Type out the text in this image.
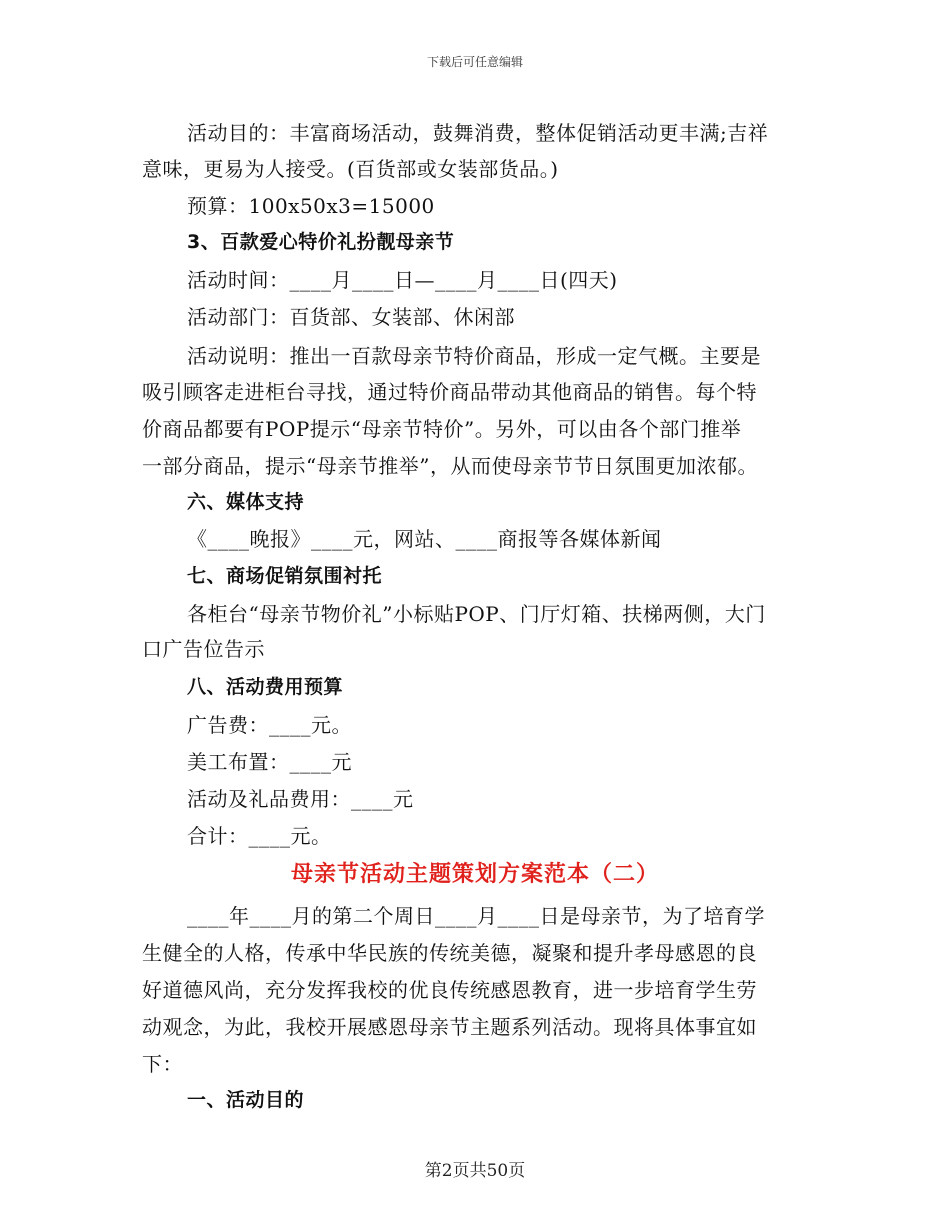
下载后可任意编辑
活动目的：丰富商场活动，鼓舞消费，整体促销活动更丰满;吉祥
意味，更易为人接受。(百货部或女装部货品。)
预算：100x50x3=15000
3、百款爱心特价礼扮靓母亲节
活动时间：____月____日—____月____日(四天)
活动部门：百货部、女装部、休闲部
活动说明：推出一百款母亲节特价商品，形成一定气概。主要是
吸引顾客走进柜台寻找，通过特价商品带动其他商品的销售。每个特
价商品都要有POP提示“母亲节特价”。另外，可以由各个部门推举
一部分商品，提示“母亲节推举”，从而使母亲节节日氛围更加浓郁。
六、媒体支持
《____晚报》____元，网站、____商报等各媒体新闻
七、商场促销氛围衬托
各柜台“母亲节物价礼”小标贴POP、门厅灯箱、扶梯两侧，大门
口广告位告示
八、活动费用预算
广告费：____元。
美工布置：____元
活动及礼品费用：____元
合计：____元。
母亲节活动主题策划方案范本（二）
____年____月的第二个周日____月____日是母亲节，为了培育学
生健全的人格，传承中华民族的传统美德，凝聚和提升孝母感恩的良
好道德风尚，充分发挥我校的优良传统感恩教育，进一步培育学生劳
动观念，为此，我校开展感恩母亲节主题系列活动。现将具体事宜如
下：
一、活动目的
第2页共50页
